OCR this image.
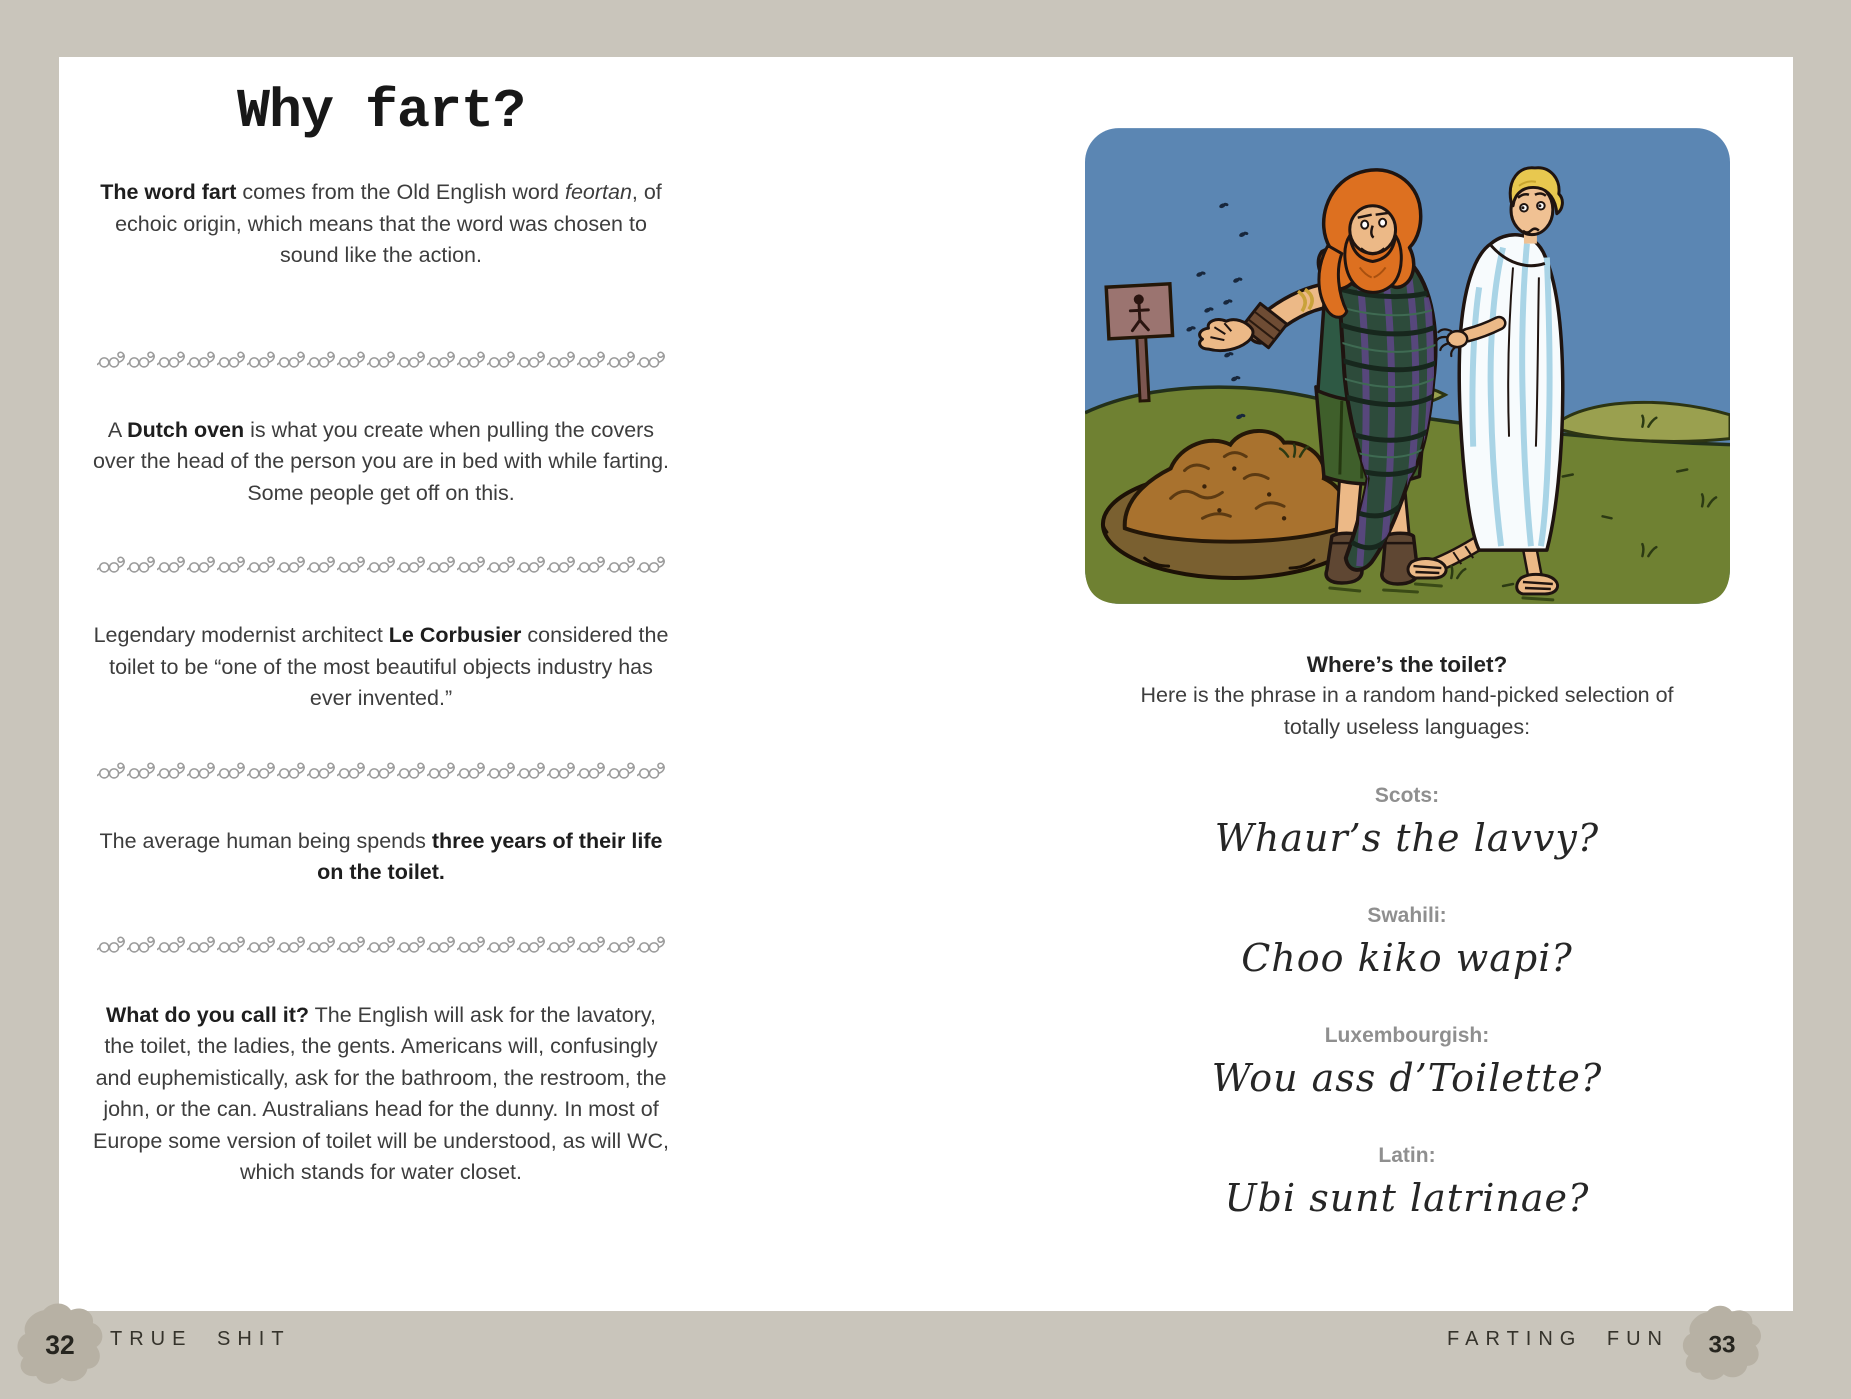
Why fart?

The word fart comes from the Old English word feortan, of echoic origin, which means that the word was chosen to sound like the action.

A Dutch oven is what you create when pulling the covers over the head of the person you are in bed with while farting. Some people get off on this.

Legendary modernist architect Le Corbusier considered the toilet to be “one of the most beautiful objects industry has ever invented.”

The average human being spends three years of their life on the toilet.

What do you call it? The English will ask for the lavatory, the toilet, the ladies, the gents. Americans will, confusingly and euphemistically, ask for the bathroom, the restroom, the john, or the can. Australians head for the dunny. In most of Europe some version of toilet will be understood, as will WC, which stands for water closet.

Where’s the toilet?
Here is the phrase in a random hand-picked selection of
totally useless languages:
Scots:
Whaur’s the lavvy?
Swahili:
Choo kiko wapi?
Luxembourgish:
Wou ass d’Toilette?
Latin:
Ubi sunt latrinae?
32 TRUE SHIT	FARTING FUN 33
